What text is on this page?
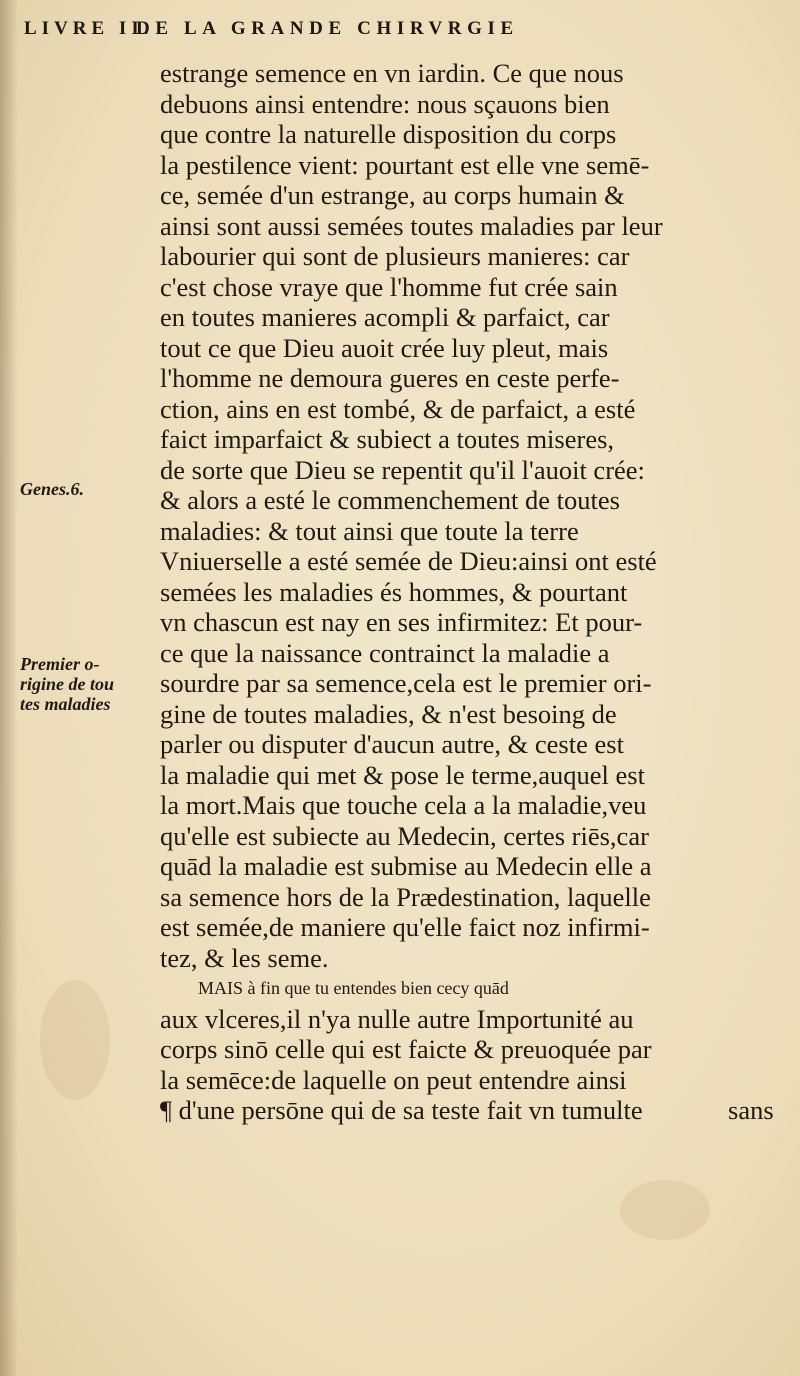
LIVRE II.
DE LA GRANDE CHIRVRGIE
Genes.6.
Premier o-
rigine de tou
tes maladies
estrange semence en vn iardin. Ce que nous
debuons ainsi entendre: nous sçauons bien
que contre la naturelle disposition du corps
la pestilence vient: pourtant est elle vne semē-
ce, semée d'un estrange, au corps humain &
ainsi sont aussi semées toutes maladies par leur
labourier qui sont de plusieurs manieres: car
c'est chose vraye que l'homme fut crée sain
en toutes manieres acompli & parfaict, car
tout ce que Dieu auoit crée luy pleut, mais
l'homme ne demoura gueres en ceste perfe-
ction, ains en est tombé, & de parfaict, a esté
faict imparfaict & subiect a toutes miseres,
de sorte que Dieu se repentit qu'il l'auoit crée:
& alors a esté le commenchement de toutes
maladies: & tout ainsi que toute la terre
Vniuerselle a esté semée de Dieu:ainsi ont esté
semées les maladies és hommes, & pourtant
vn chascun est nay en ses infirmitez: Et pour-
ce que la naissance contrainct la maladie a
sourdre par sa semence,cela est le premier ori-
gine de toutes maladies, & n'est besoing de
parler ou disputer d'aucun autre, & ceste est
la maladie qui met & pose le terme,auquel est
la mort.Mais que touche cela a la maladie,veu
qu'elle est subiecte au Medecin, certes riēs,car
quād la maladie est submise au Medecin elle a
sa semence hors de la Prædestination, laquelle
est semée,de maniere qu'elle faict noz infirmi-
tez, & les seme.
MAIS à fin que tu entendes bien cecy quād
aux vlceres,il n'ya nulle autre Importunité au
corps sinō celle qui est faicte & preuoquée par
la semēce:de laquelle on peut entendre ainsi
¶ d'une persōne qui de sa teste fait vn tumulte	sans
